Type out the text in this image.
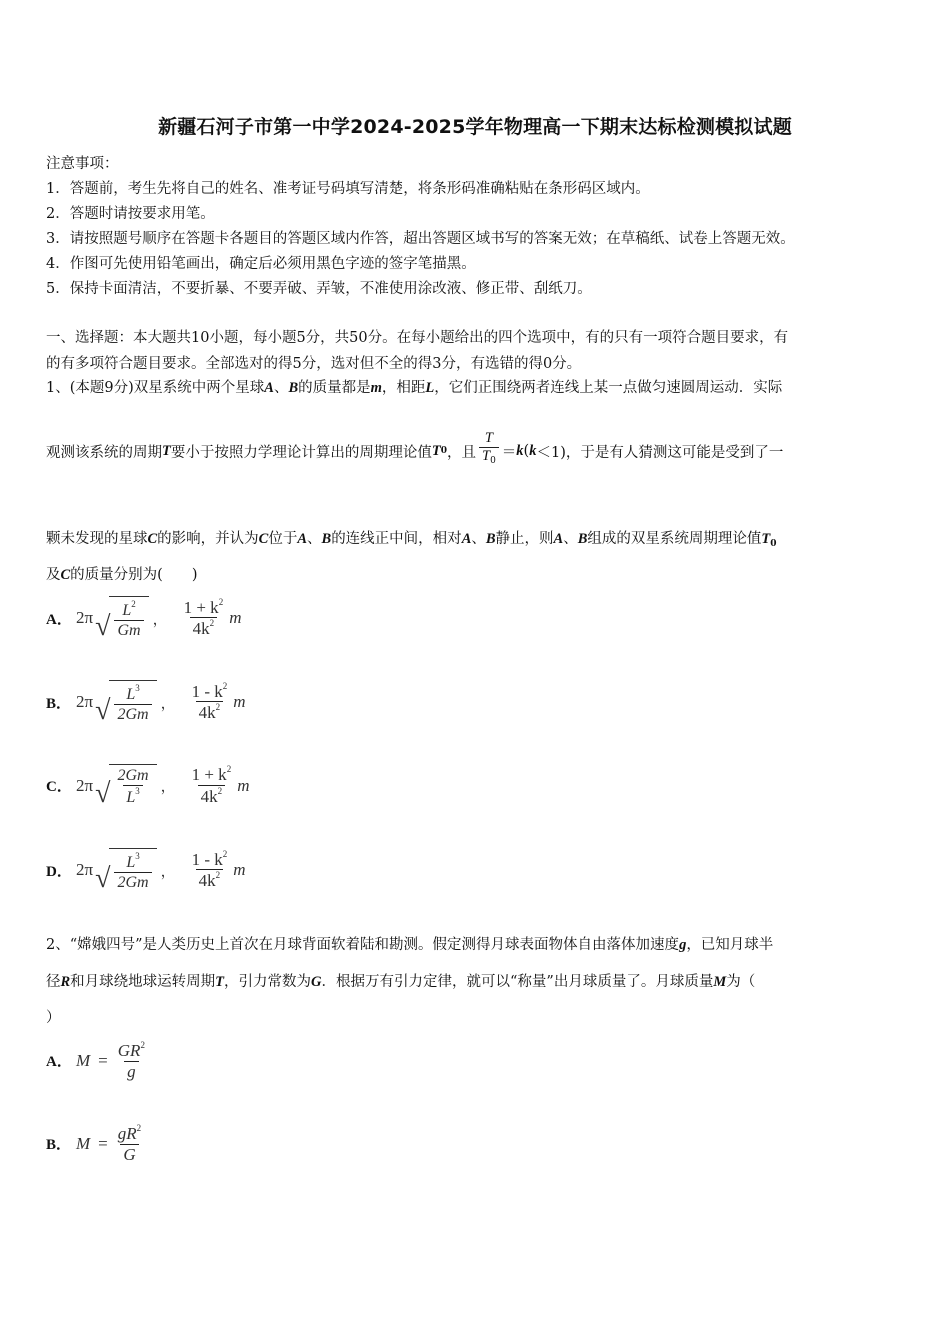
新疆石河子市第一中学2024-2025学年物理高一下期末达标检测模拟试题
注意事项：
1．答题前，考生先将自己的姓名、准考证号码填写清楚，将条形码准确粘贴在条形码区域内。
2．答题时请按要求用笔。
3．请按照题号顺序在答题卡各题目的答题区域内作答，超出答题区域书写的答案无效；在草稿纸、试卷上答题无效。
4．作图可先使用铅笔画出，确定后必须用黑色字迹的签字笔描黑。
5．保持卡面清洁，不要折暴、不要弄破、弄皱，不准使用涂改液、修正带、刮纸刀。
一、选择题：本大题共10小题，每小题5分，共50分。在每小题给出的四个选项中，有的只有一项符合题目要求，有
的有多项符合题目要求。全部选对的得5分，选对但不全的得3分，有选错的得0分。
1、(本题9分)双星系统中两个星球A、B的质量都是m，相距L，它们正围绕两者连线上某一点做匀速圆周运动．实际
观测该系统的周期 T 要小于按照力学理论计算出的周期理论值 T 0 ，且 $\frac{T}{T_0} = k$ ( k ＜1)，于是有人猜测这可能是受到了一
颗未发现的星球C的影响，并认为C位于A、B的连线正中间，相对A、B静止，则A、B组成的双星系统周期理论值$T_0$
及C的质量分别为(　　)
A． 2π √ $\frac{L^2}{Gm}$ ， $\frac{1 + k^2}{4k^2}$ m
B． 2π √ $\frac{L^3}{2Gm}$ ， $\frac{1 - k^2}{4k^2}$ m
C． 2π √ $\frac{2Gm}{L^3}$ ， $\frac{1 + k^2}{4k^2}$ m
D． 2π √ $\frac{L^3}{2Gm}$ ， $\frac{1 - k^2}{4k^2}$ m
2、“嫦娥四号”是人类历史上首次在月球背面软着陆和勘测。假定测得月球表面物体自由落体加速度g，已知月球半
径R和月球绕地球运转周期T，引力常数为G．根据万有引力定律，就可以“称量”出月球质量了。月球质量M为（
）
A． $M = \frac{GR^2}{g}$
B． $M = \frac{gR^2}{G}$
